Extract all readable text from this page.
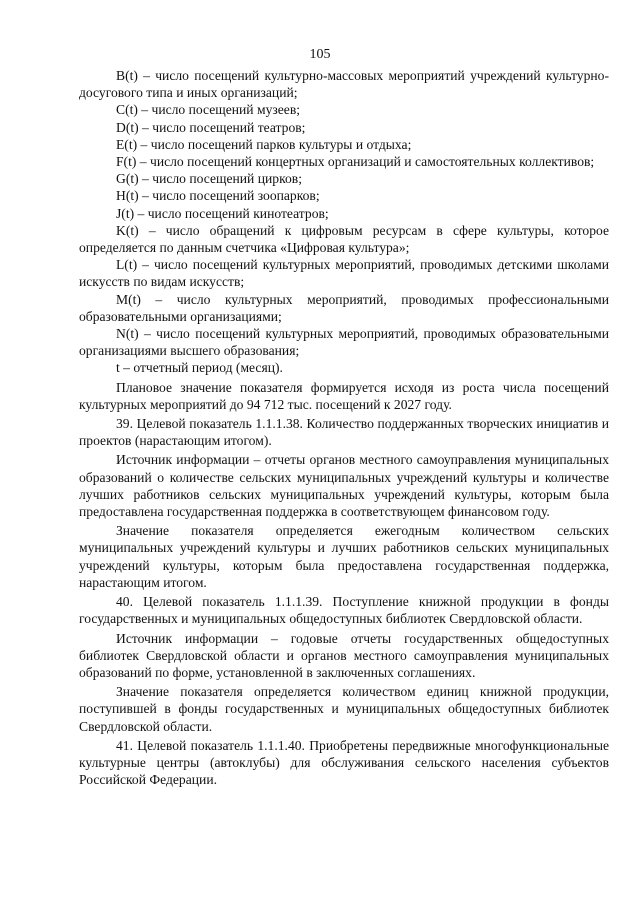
105

B(t) – число посещений культурно-массовых мероприятий учреждений культурно-досугового типа и иных организаций;

C(t) – число посещений музеев;

D(t) – число посещений театров;

E(t) – число посещений парков культуры и отдыха;

F(t) – число посещений концертных организаций и самостоятельных коллективов;

G(t) – число посещений цирков;

H(t) – число посещений зоопарков;

J(t) – число посещений кинотеатров;

K(t) – число обращений к цифровым ресурсам в сфере культуры, которое определяется по данным счетчика «Цифровая культура»;

L(t) – число посещений культурных мероприятий, проводимых детскими школами искусств по видам искусств;

M(t) – число культурных мероприятий, проводимых профессиональными образовательными организациями;

N(t) – число посещений культурных мероприятий, проводимых образовательными организациями высшего образования;

t – отчетный период (месяц).

Плановое значение показателя формируется исходя из роста числа посещений культурных мероприятий до 94 712 тыс. посещений к 2027 году.

39. Целевой показатель 1.1.1.38. Количество поддержанных творческих инициатив и проектов (нарастающим итогом).

Источник информации – отчеты органов местного самоуправления муниципальных образований о количестве сельских муниципальных учреждений культуры и количестве лучших работников сельских муниципальных учреждений культуры, которым была предоставлена государственная поддержка в соответствующем финансовом году.

Значение показателя определяется ежегодным количеством сельских муниципальных учреждений культуры и лучших работников сельских муниципальных учреждений культуры, которым была предоставлена государственная поддержка, нарастающим итогом.

40. Целевой показатель 1.1.1.39. Поступление книжной продукции в фонды государственных и муниципальных общедоступных библиотек Свердловской области.

Источник информации – годовые отчеты государственных общедоступных библиотек Свердловской области и органов местного самоуправления муниципальных образований по форме, установленной в заключенных соглашениях.

Значение показателя определяется количеством единиц книжной продукции, поступившей в фонды государственных и муниципальных общедоступных библиотек Свердловской области.

41. Целевой показатель 1.1.1.40. Приобретены передвижные многофункциональные культурные центры (автоклубы) для обслуживания сельского населения субъектов Российской Федерации.
